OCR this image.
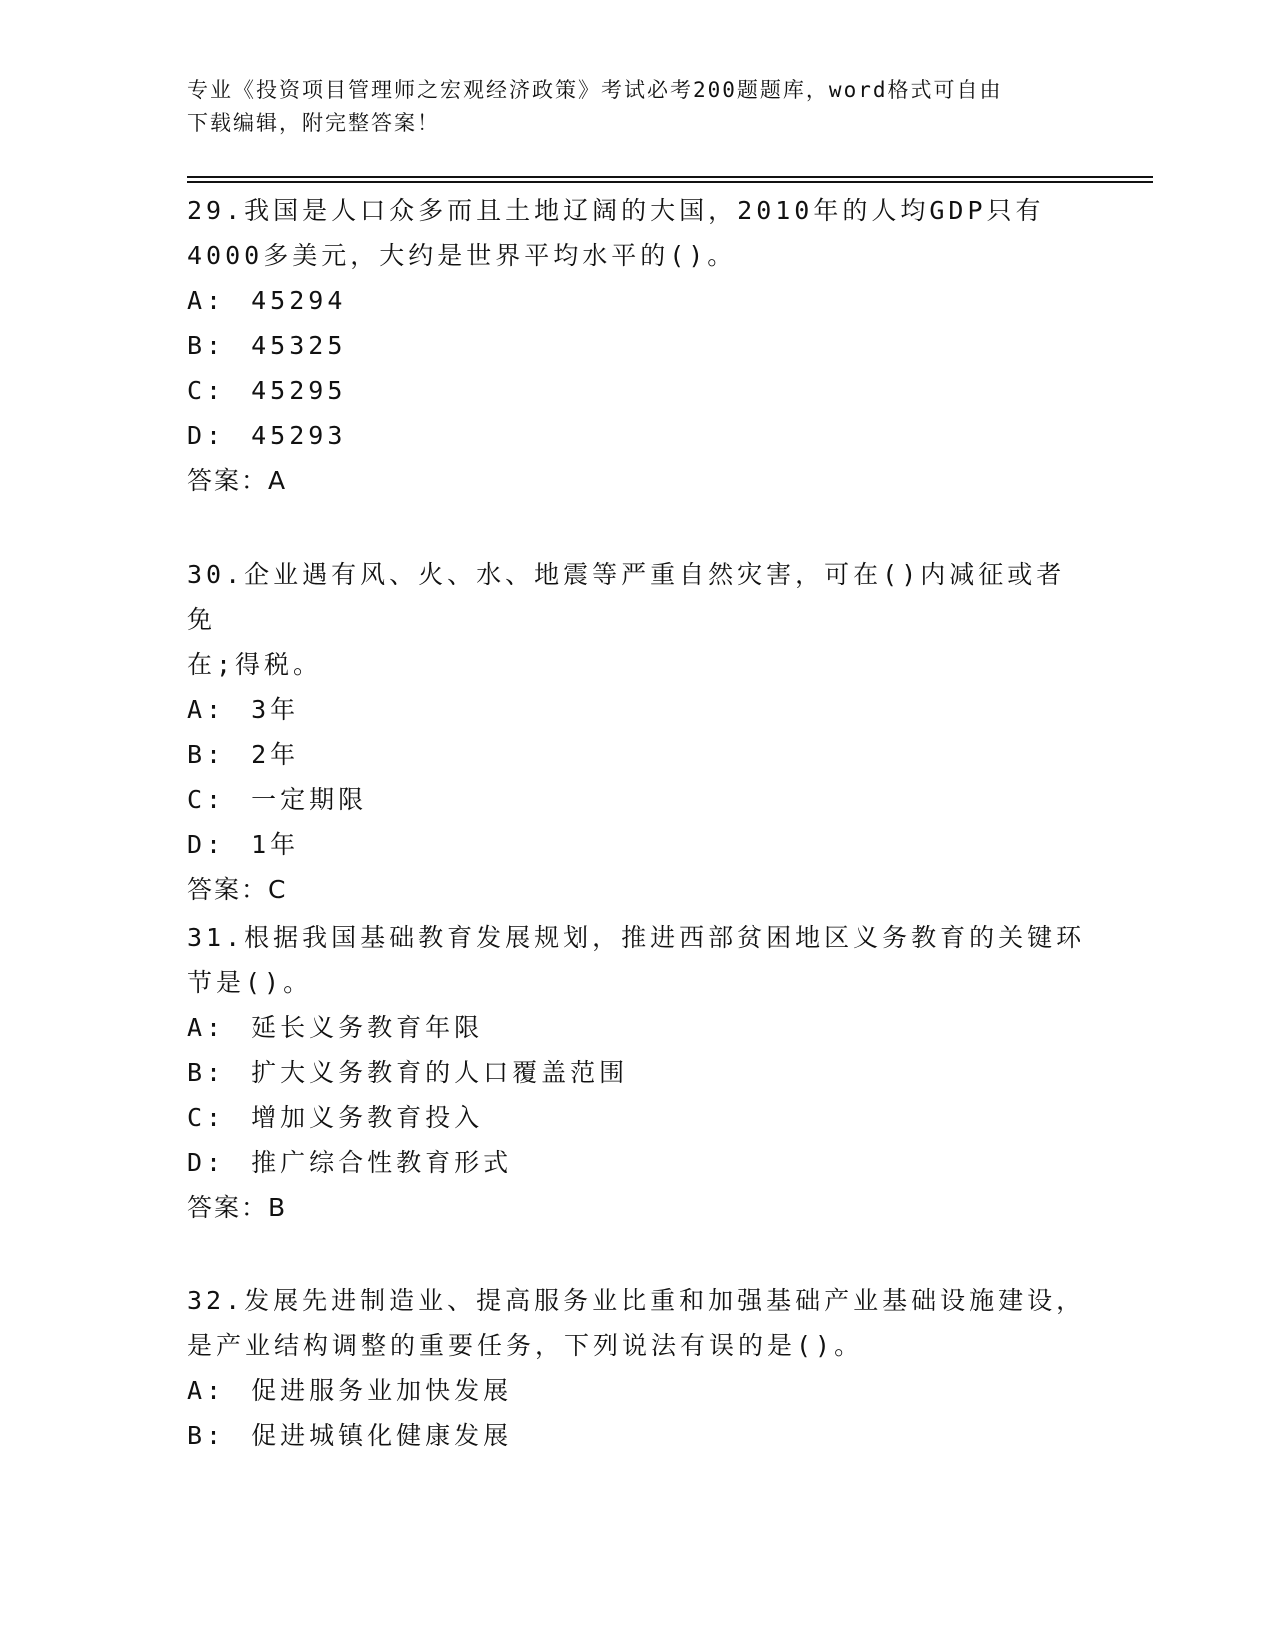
专业《投资项目管理师之宏观经济政策》考试必考200题题库，word格式可自由
下载编辑，附完整答案！

29.我国是人口众多而且土地辽阔的大国，2010年的人均GDP只有
4000多美元，大约是世界平均水平的()。

A: 45294
B: 45325
C: 45295
D: 45293
答案：A

30.企业遇有风、火、水、地震等严重自然灾害，可在()内减征或者免
在;得税。

A: 3年
B: 2年
C: 一定期限
D: 1年
答案：C

31.根据我国基础教育发展规划，推进西部贫困地区义务教育的关键环
节是()。

A: 延长义务教育年限
B: 扩大义务教育的人口覆盖范围
C: 增加义务教育投入
D: 推广综合性教育形式
答案：B

32.发展先进制造业、提高服务业比重和加强基础产业基础设施建设，
是产业结构调整的重要任务，下列说法有误的是()。

A: 促进服务业加快发展
B: 促进城镇化健康发展
